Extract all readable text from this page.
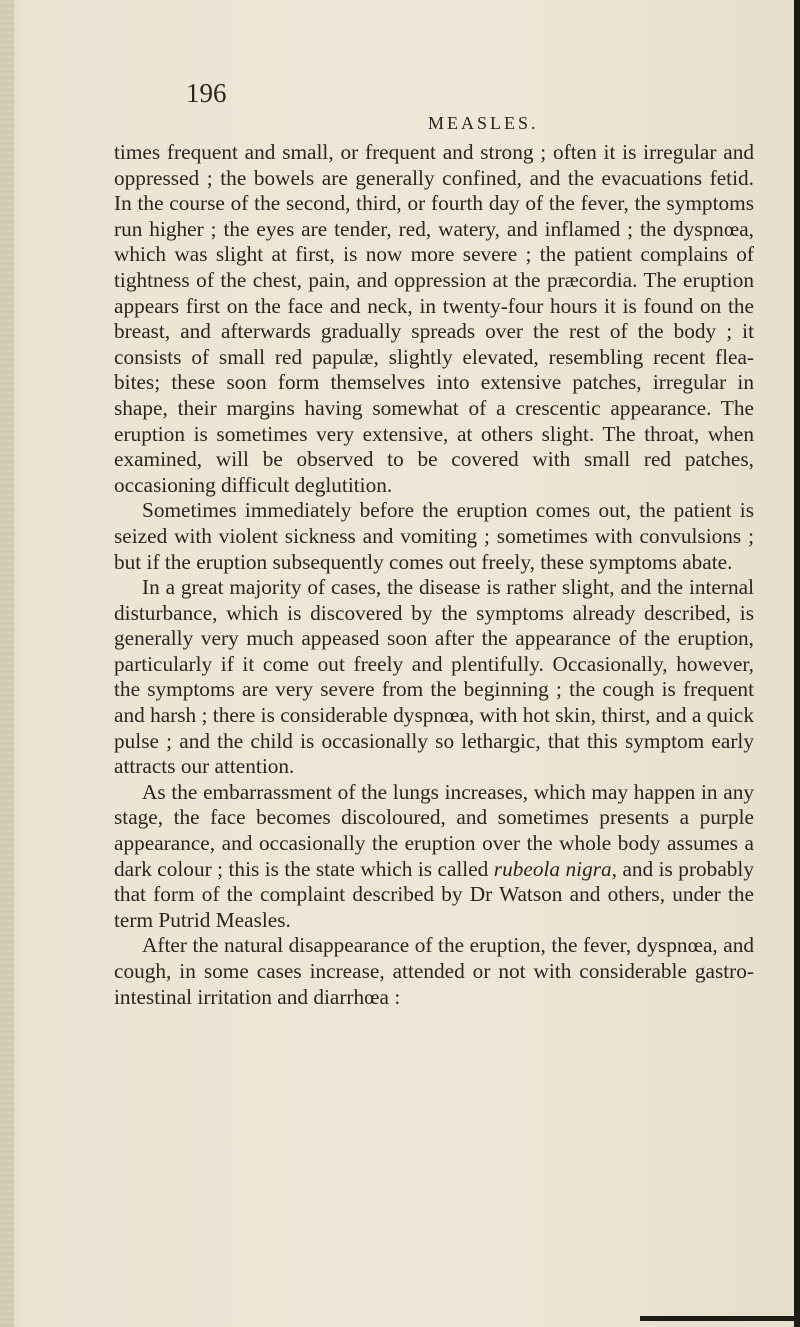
196
MEASLES.

times frequent and small, or frequent and strong ; often it is irregular and oppressed ; the bowels are generally confined, and the evacuations fetid. In the course of the second, third, or fourth day of the fever, the symptoms run higher ; the eyes are tender, red, watery, and inflamed ; the dyspnœa, which was slight at first, is now more severe ; the patient complains of tightness of the chest, pain, and oppression at the præcordia. The eruption appears first on the face and neck, in twenty-four hours it is found on the breast, and afterwards gradually spreads over the rest of the body ; it consists of small red papulæ, slightly elevated, resembling recent flea-bites; these soon form themselves into extensive patches, irregular in shape, their margins having somewhat of a crescentic appearance. The eruption is sometimes very extensive, at others slight. The throat, when examined, will be observed to be covered with small red patches, occasioning difficult deglutition.

Sometimes immediately before the eruption comes out, the patient is seized with violent sickness and vomiting ; sometimes with convulsions ; but if the eruption subsequently comes out freely, these symptoms abate.

In a great majority of cases, the disease is rather slight, and the internal disturbance, which is discovered by the symptoms already described, is generally very much appeased soon after the appearance of the eruption, particularly if it come out freely and plentifully. Occasionally, however, the symptoms are very severe from the beginning ; the cough is frequent and harsh ; there is considerable dyspnœa, with hot skin, thirst, and a quick pulse ; and the child is occasionally so lethargic, that this symptom early attracts our attention.

As the embarrassment of the lungs increases, which may happen in any stage, the face becomes discoloured, and sometimes presents a purple appearance, and occasionally the eruption over the whole body assumes a dark colour ; this is the state which is called rubeola nigra, and is probably that form of the complaint described by Dr Watson and others, under the term Putrid Measles.

After the natural disappearance of the eruption, the fever, dyspnœa, and cough, in some cases increase, attended or not with considerable gastro-intestinal irritation and diarrhœa :
